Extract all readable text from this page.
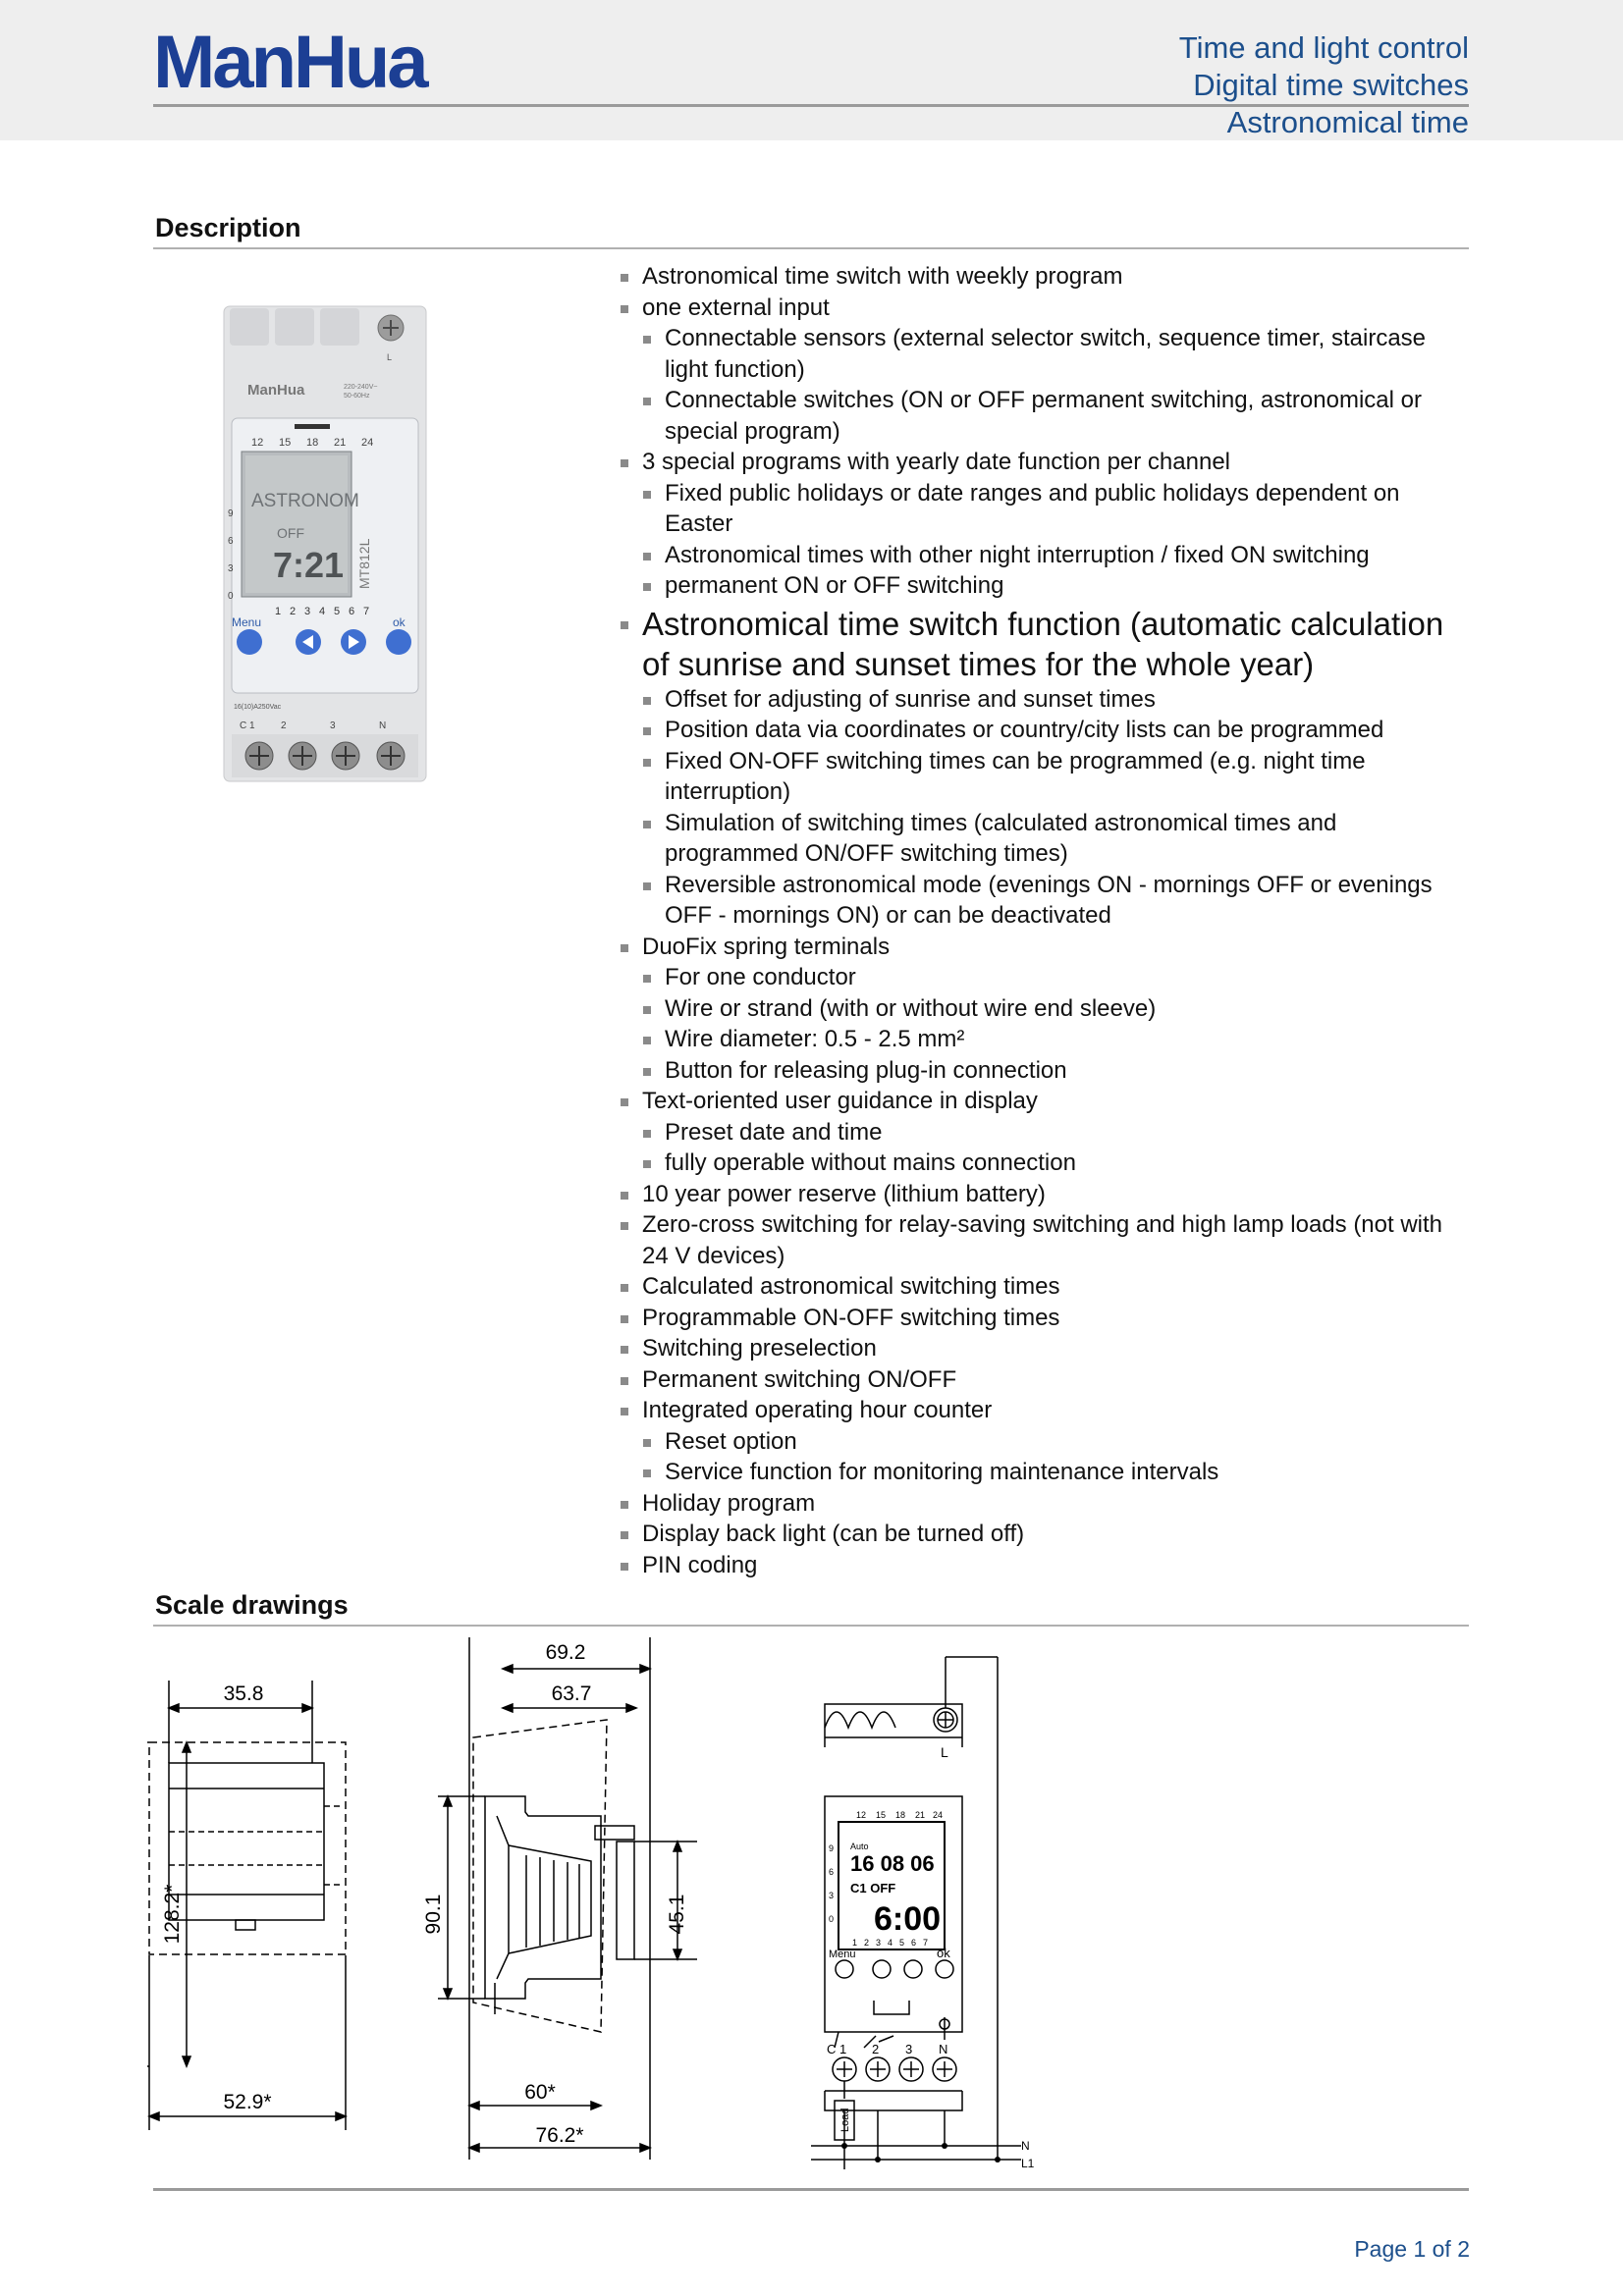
ManHua	Time and light control
Digital time switches
Astronomical time
Description
L
ManHua	220-240V~
50-60Hz
12 15 18 21 24
9
6
3
0
ASTRONOM
OFF
7:21 MT812L
1 2 3 4 5 6 7
Menu	ok
16(10)A250Vac
C 1	2	3	N
Astronomical time switch with weekly program
one external input
Connectable sensors (external selector switch, sequence timer, staircase light function)
Connectable switches (ON or OFF permanent switching, astronomical or special program)
3 special programs with yearly date function per channel
Fixed public holidays or date ranges and public holidays dependent on Easter
Astronomical times with other night interruption / fixed ON switching
permanent ON or OFF switching
Astronomical time switch function (automatic calculation of sunrise and sunset times for the whole year)
Offset for adjusting of sunrise and sunset times
Position data via coordinates or country/city lists can be programmed
Fixed ON-OFF switching times can be programmed (e.g. night time interruption)
Simulation of switching times (calculated astronomical times and programmed ON/OFF switching times)
Reversible astronomical mode (evenings ON - mornings OFF or evenings OFF - mornings ON) or can be deactivated
DuoFix spring terminals
For one conductor
Wire or strand (with or without wire end sleeve)
Wire diameter: 0.5 - 2.5 mm²
Button for releasing plug-in connection
Text-oriented user guidance in display
Preset date and time
fully operable without mains connection
10 year power reserve (lithium battery)
Zero-cross switching for relay-saving switching and high lamp loads (not with 24 V devices)
Calculated astronomical switching times
Programmable ON-OFF switching times
Switching preselection
Permanent switching ON/OFF
Integrated operating hour counter
Reset option
Service function for monitoring maintenance intervals
Holiday program
Display back light (can be turned off)
PIN coding
Scale drawings
35.8
52.9*
128.2*
69.2
63.7
90.1	45.1
60*
76.2*
L
12 15 18 21 24
9
6
3
0
Auto
16 08 06
C1 OFF
6:00
1 2 3 4 5 6 7
Menu	ok
C 1 2 3 N
Load
N
L1
Page 1 of 2
